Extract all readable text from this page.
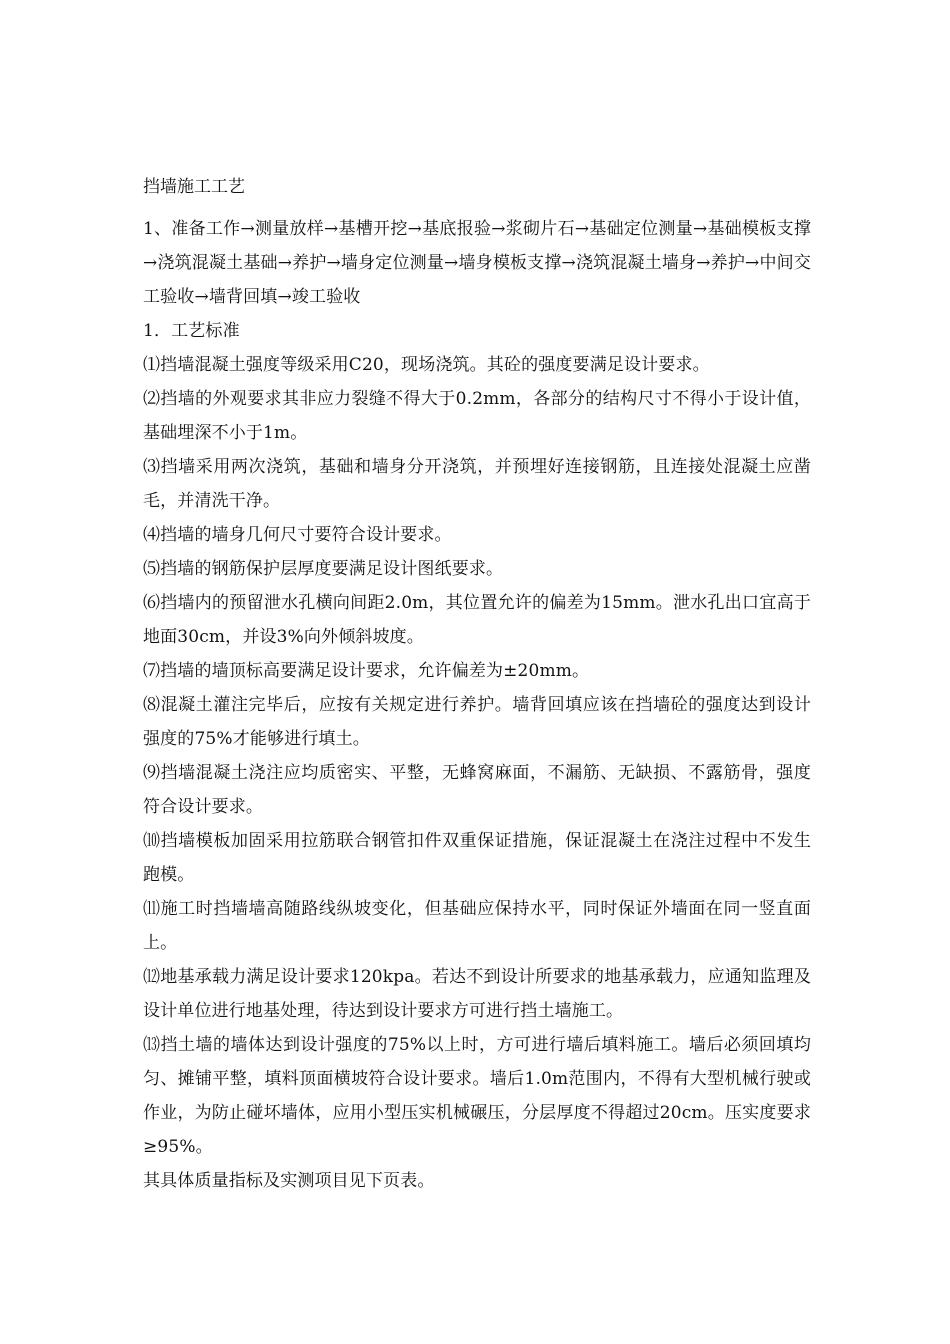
挡墙施工工艺

1、准备工作→测量放样→基槽开挖→基底报验→浆砌片石→基础定位测量→基础模板支撑→浇筑混凝土基础→养护→墙身定位测量→墙身模板支撑→浇筑混凝土墙身→养护→中间交工验收→墙背回填→竣工验收

1．工艺标准

⑴挡墙混凝土强度等级采用C20，现场浇筑。其砼的强度要满足设计要求。

⑵挡墙的外观要求其非应力裂缝不得大于0.2mm，各部分的结构尺寸不得小于设计值，基础埋深不小于1m。

⑶挡墙采用两次浇筑，基础和墙身分开浇筑，并预埋好连接钢筋，且连接处混凝土应凿毛，并清洗干净。

⑷挡墙的墙身几何尺寸要符合设计要求。

⑸挡墙的钢筋保护层厚度要满足设计图纸要求。

⑹挡墙内的预留泄水孔横向间距2.0m，其位置允许的偏差为15mm。泄水孔出口宜高于地面30cm，并设3%向外倾斜坡度。

⑺挡墙的墙顶标高要满足设计要求，允许偏差为±20mm。

⑻混凝土灌注完毕后，应按有关规定进行养护。墙背回填应该在挡墙砼的强度达到设计强度的75%才能够进行填土。

⑼挡墙混凝土浇注应均质密实、平整，无蜂窝麻面，不漏筋、无缺损、不露筋骨，强度符合设计要求。

⑽挡墙模板加固采用拉筋联合钢管扣件双重保证措施，保证混凝土在浇注过程中不发生跑模。

⑾施工时挡墙墙高随路线纵坡变化，但基础应保持水平，同时保证外墙面在同一竖直面上。

⑿地基承载力满足设计要求120kpa。若达不到设计所要求的地基承载力，应通知监理及设计单位进行地基处理，待达到设计要求方可进行挡土墙施工。

⒀挡土墙的墙体达到设计强度的75%以上时，方可进行墙后填料施工。墙后必须回填均匀、摊铺平整，填料顶面横坡符合设计要求。墙后1.0m范围内，不得有大型机械行驶或作业，为防止碰坏墙体，应用小型压实机械碾压，分层厚度不得超过20cm。压实度要求≥95%。

其具体质量指标及实测项目见下页表。
